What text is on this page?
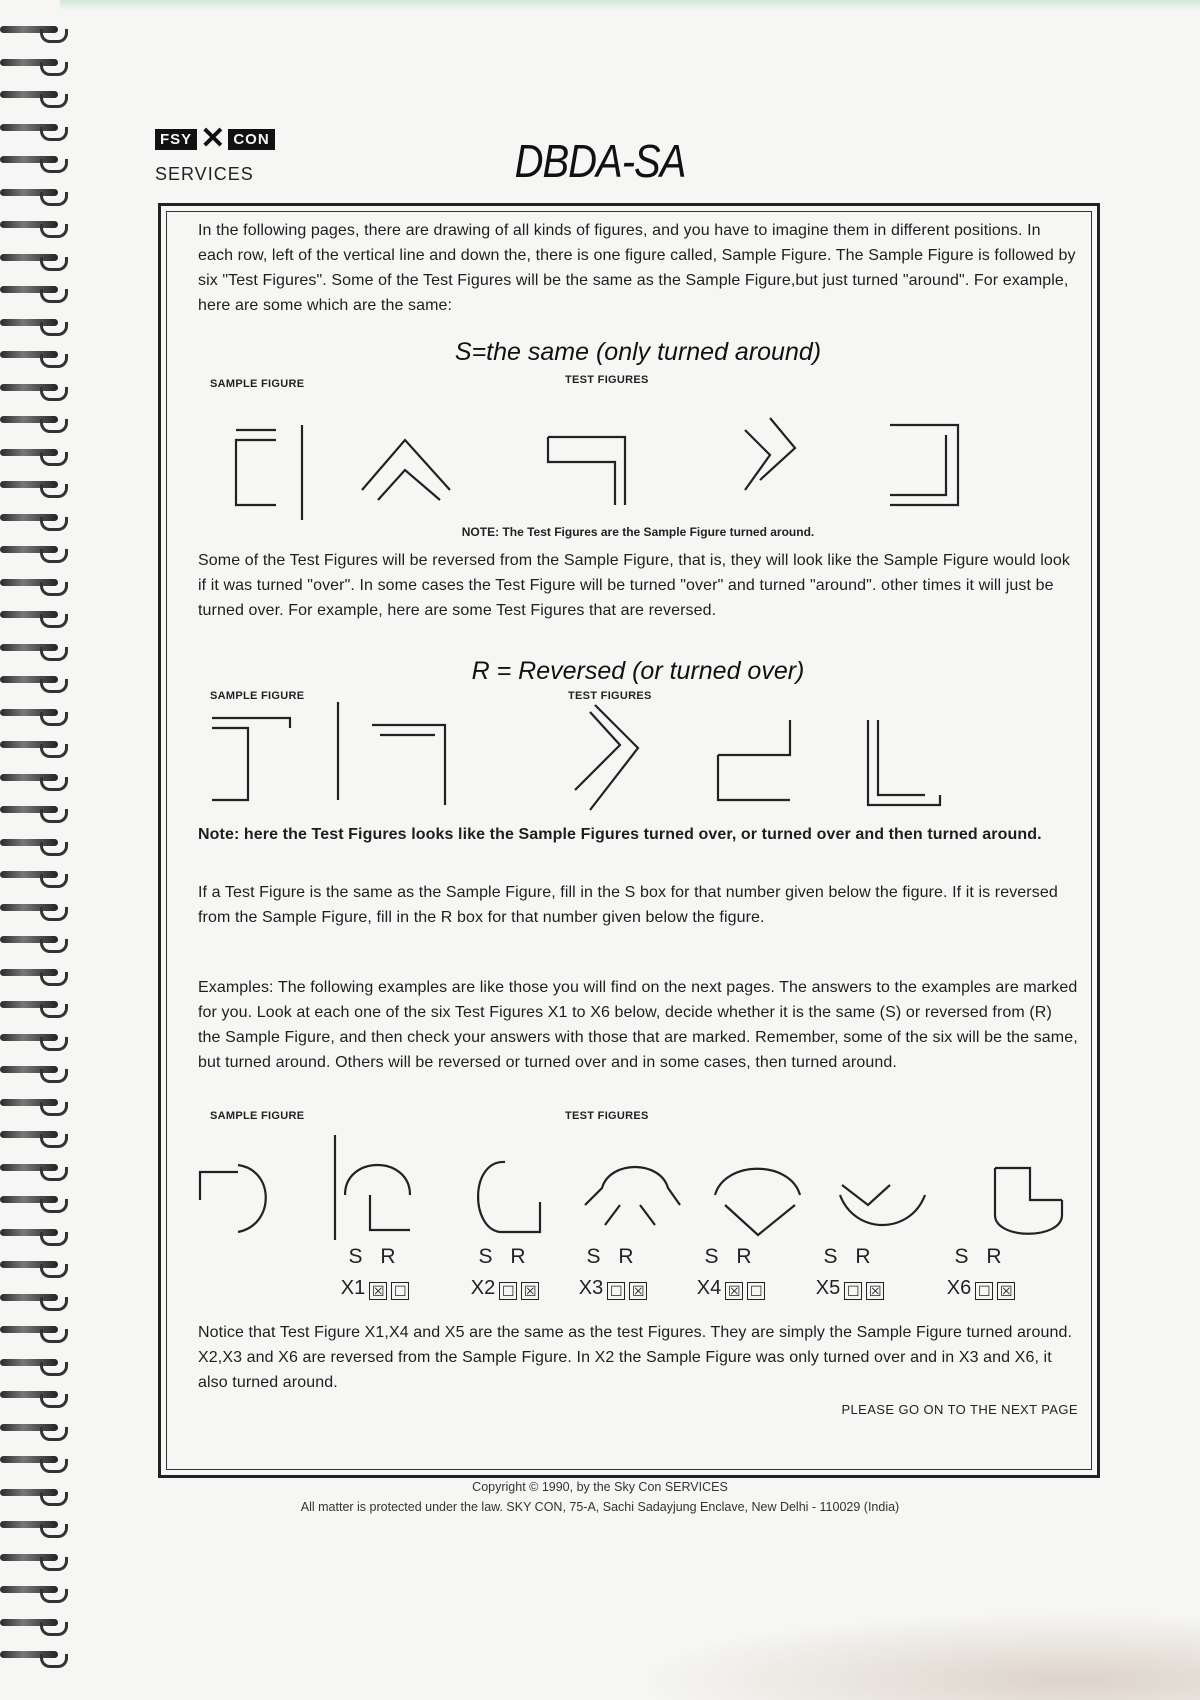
FSY ✕ CON
SERVICES	DBDA-SA

In the following pages, there are drawing of all kinds of figures, and you have to imagine them in different positions. In each row, left of the vertical line and down the, there is one figure called, Sample Figure. The Sample Figure is followed by six "Test Figures". Some of the Test Figures will be the same as the Sample Figure,but just turned "around". For example, here are some which are the same:

S=the same (only turned around)
SAMPLE FIGURE	TEST FIGURES
NOTE: The Test Figures are the Sample Figure turned around.

Some of the Test Figures will be reversed from the Sample Figure, that is, they will look like the Sample Figure would look if it was turned "over". In some cases the Test Figure will be turned "over" and turned "around". other times it will just be turned over. For example, here are some Test Figures that are reversed.

R = Reversed (or turned over)
SAMPLE FIGURE	TEST FIGURES

Note: here the Test Figures looks like the Sample Figures turned over, or turned over and then turned around.

If a Test Figure is the same as the Sample Figure, fill in the S box for that number given below the figure. If it is reversed from the Sample Figure, fill in the R box for that number given below the figure.

Examples: The following examples are like those you will find on the next pages. The answers to the examples are marked for you. Look at each one of the six Test Figures X1 to X6 below, decide whether it is the same (S) or reversed from (R) the Sample Figure, and then check your answers with those that are marked. Remember, some of the six will be the same, but turned around. Others will be reversed or turned over and in some cases, then turned around.

SAMPLE FIGURE	TEST FIGURES
S R
X1 ☒ ☐
S R
X2 ☐ ☒
S R
X3 ☐ ☒
S R
X4 ☒ ☐
S R
X5 ☐ ☒
S R
X6 ☐ ☒

Notice that Test Figure X1,X4 and X5 are the same as the test Figures. They are simply the Sample Figure turned around. X2,X3 and X6 are reversed from the Sample Figure. In X2 the Sample Figure was only turned over and in X3 and X6, it also turned around.

PLEASE GO ON TO THE NEXT PAGE
Copyright © 1990, by the Sky Con SERVICES
All matter is protected under the law. SKY CON, 75-A, Sachi Sadayjung Enclave, New Delhi - 110029 (India)
